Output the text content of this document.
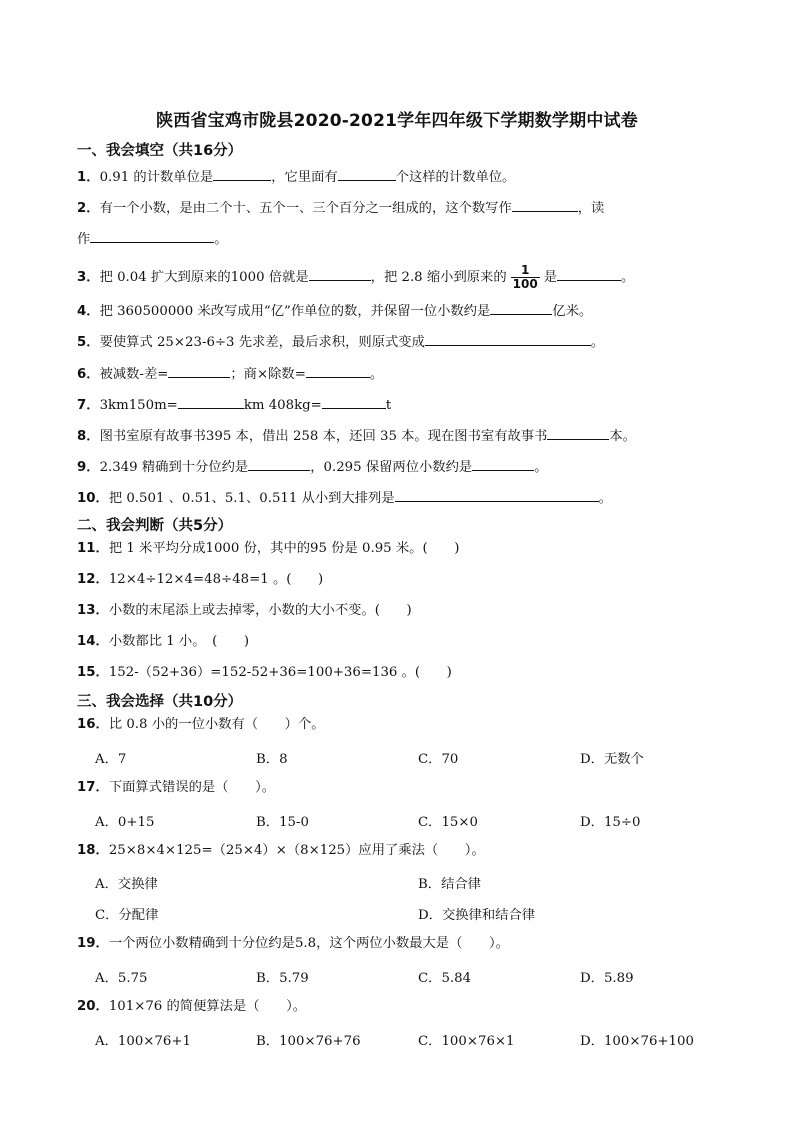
陕西省宝鸡市陇县2020-2021学年四年级下学期数学期中试卷
一、我会填空（共16分）
1．0.91 的计数单位是	，它里面有	个这样的计数单位。
2．有一个小数，是由二个十、五个一、三个百分之一组成的，这个数写作	，读
作	。
3．把 0.04 扩大到原来的1000 倍就是	，把 2.8 缩小到原来的 $\frac{1}{100}$ 是	。
4．把 360500000 米改写成用“亿”作单位的数，并保留一位小数约是	亿米。
5．要使算式 25×23-6÷3 先求差，最后求积，则原式变成	。
6．被减数-差=	；商×除数=	。
7．3km150m=	km 408kg=	t
8．图书室原有故事书395 本，借出 258 本，还回 35 本。现在图书室有故事书	本。
9．2.349 精确到十分位约是	，0.295 保留两位小数约是	。
10．把 0.501 、0.51、5.1、0.511 从小到大排列是	。
二、我会判断（共5分）
11．把 1 米平均分成1000 份，其中的95 份是 0.95 米。(　　)
12．12×4÷12×4=48÷48=1 。(　　)
13．小数的末尾添上或去掉零，小数的大小不变。(　　)
14．小数都比 1 小。　(　　)
15．152-（52+36）=152-52+36=100+36=136 。(　　)
三、我会选择（共10分）
16．比 0.8 小的一位小数有（　　）个。
A．7	B．8	C．70	D．无数个
17．下面算式错误的是（　　）。
A．0+15	B．15-0	C．15×0	D．15÷0
18．25×8×4×125=（25×4）×（8×125）应用了乘法（　　）。
A．交换律	B．结合律
C．分配律	D．交换律和结合律
19．一个两位小数精确到十分位约是5.8，这个两位小数最大是（　　）。
A．5.75	B．5.79	C．5.84	D．5.89
20．101×76 的简便算法是（　　）。
A．100×76+1	B．100×76+76	C．100×76×1	D．100×76+100
